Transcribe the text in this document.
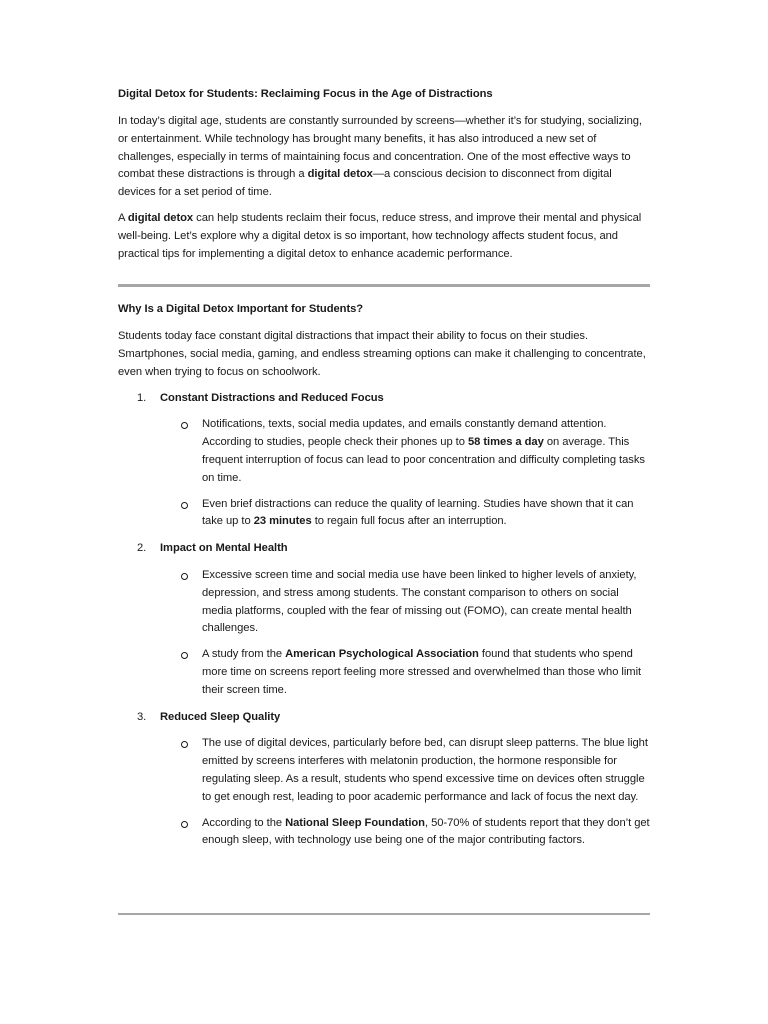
Digital Detox for Students: Reclaiming Focus in the Age of Distractions

In today’s digital age, students are constantly surrounded by screens—whether it’s for studying, socializing, or entertainment. While technology has brought many benefits, it has also introduced a new set of challenges, especially in terms of maintaining focus and concentration. One of the most effective ways to combat these distractions is through a digital detox—a conscious decision to disconnect from digital devices for a set period of time.

A digital detox can help students reclaim their focus, reduce stress, and improve their mental and physical well-being. Let’s explore why a digital detox is so important, how technology affects student focus, and practical tips for implementing a digital detox to enhance academic performance.

Why Is a Digital Detox Important for Students?

Students today face constant digital distractions that impact their ability to focus on their studies. Smartphones, social media, gaming, and endless streaming options can make it challenging to concentrate, even when trying to focus on schoolwork.

1. Constant Distractions and Reduced Focus
Notifications, texts, social media updates, and emails constantly demand attention. According to studies, people check their phones up to 58 times a day on average. This frequent interruption of focus can lead to poor concentration and difficulty completing tasks on time.
Even brief distractions can reduce the quality of learning. Studies have shown that it can take up to 23 minutes to regain full focus after an interruption.
2. Impact on Mental Health
Excessive screen time and social media use have been linked to higher levels of anxiety, depression, and stress among students. The constant comparison to others on social media platforms, coupled with the fear of missing out (FOMO), can create mental health challenges.
A study from the American Psychological Association found that students who spend more time on screens report feeling more stressed and overwhelmed than those who limit their screen time.
3. Reduced Sleep Quality
The use of digital devices, particularly before bed, can disrupt sleep patterns. The blue light emitted by screens interferes with melatonin production, the hormone responsible for regulating sleep. As a result, students who spend excessive time on devices often struggle to get enough rest, leading to poor academic performance and lack of focus the next day.
According to the National Sleep Foundation, 50-70% of students report that they don’t get enough sleep, with technology use being one of the major contributing factors.
